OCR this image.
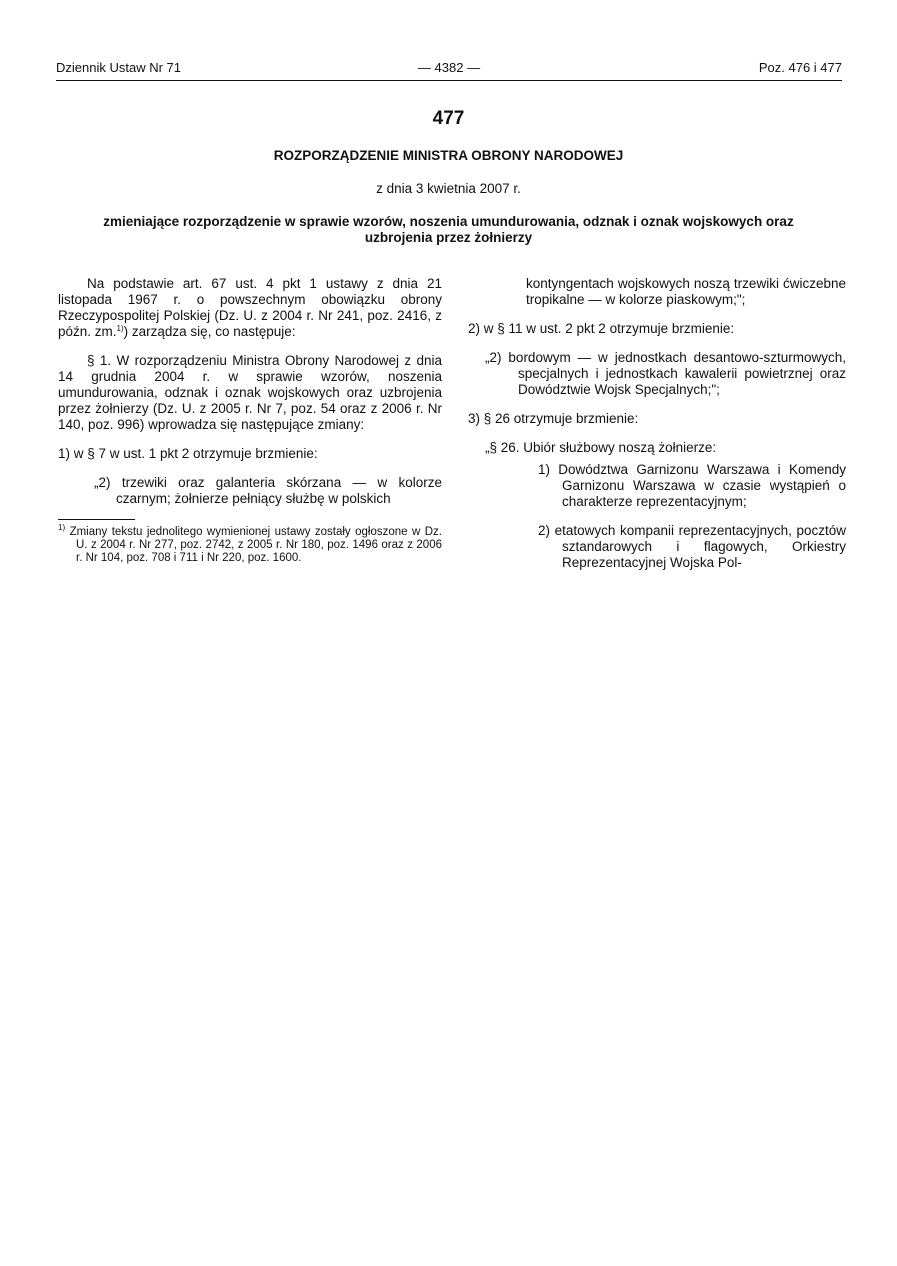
Dziennik Ustaw Nr 71	— 4382 —	Poz. 476 i 477
477
ROZPORZĄDZENIE MINISTRA OBRONY NARODOWEJ
z dnia 3 kwietnia 2007 r.
zmieniające rozporządzenie w sprawie wzorów, noszenia umundurowania, odznak i oznak wojskowych oraz uzbrojenia przez żołnierzy

Na podstawie art. 67 ust. 4 pkt 1 ustawy z dnia 21 listopada 1967 r. o powszechnym obowiązku obrony Rzeczypospolitej Polskiej (Dz. U. z 2004 r. Nr 241, poz. 2416, z późn. zm.$^{1)}$) zarządza się, co następuje:

§ 1. W rozporządzeniu Ministra Obrony Narodowej z dnia 14 grudnia 2004 r. w sprawie wzorów, noszenia umundurowania, odznak i oznak wojskowych oraz uzbrojenia przez żołnierzy (Dz. U. z 2005 r. Nr 7, poz. 54 oraz z 2006 r. Nr 140, poz. 996) wprowadza się następujące zmiany:

1) w § 7 w ust. 1 pkt 2 otrzymuje brzmienie:

„2) trzewiki oraz galanteria skórzana — w kolorze czarnym; żołnierze pełniący służbę w polskich

$^{1)}$ Zmiany tekstu jednolitego wymienionej ustawy zostały ogłoszone w Dz. U. z 2004 r. Nr 277, poz. 2742, z 2005 r. Nr 180, poz. 1496 oraz z 2006 r. Nr 104, poz. 708 i 711 i Nr 220, poz. 1600.

kontyngentach wojskowych noszą trzewiki ćwiczebne tropikalne — w kolorze piaskowym;";

2) w § 11 w ust. 2 pkt 2 otrzymuje brzmienie:

„2) bordowym — w jednostkach desantowo-szturmowych, specjalnych i jednostkach kawalerii powietrznej oraz Dowództwie Wojsk Specjalnych;";

3) § 26 otrzymuje brzmienie:

„§ 26. Ubiór służbowy noszą żołnierze:

1) Dowództwa Garnizonu Warszawa i Komendy Garnizonu Warszawa w czasie wystąpień o charakterze reprezentacyjnym;

2) etatowych kompanii reprezentacyjnych, pocztów sztandarowych i flagowych, Orkiestry Reprezentacyjnej Wojska Pol-
